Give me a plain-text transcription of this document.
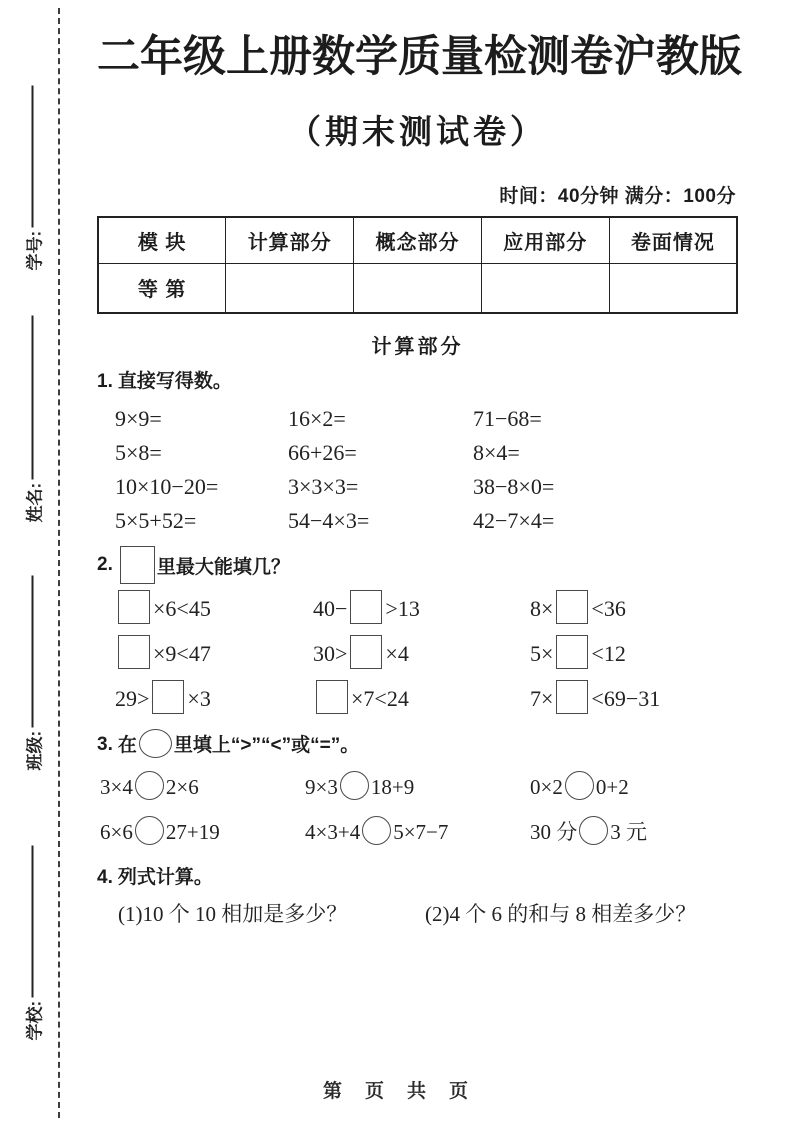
学号:
姓名:
班级:
学校:
二年级上册数学质量检测卷沪教版
（期末测试卷）
时间：40分钟 满分：100分
模 块	计算部分	概念部分	应用部分	卷面情况
等 第				
计算部分
1. 直接写得数。
9×9=	16×2=	71−68=
5×8=	66+26=	8×4=
10×10−20=	3×3×3=	38−8×0=
5×5+52=	54−4×3=	42−7×4=
2.	里最大能填几？
×6<45	40− >13	8× <36
×9<47	30> ×4	5× <12
29> ×3	×7<24	7× <69−31
3. 在 里填上“>”“<”或“=”。
3×4 2×6	9×3 18+9	0×2 0+2
6×6 27+19	4×3+4 5×7−7	30 分 3 元
4. 列式计算。
(1)10 个 10 相加是多少？	(2)4 个 6 的和与 8 相差多少？
第　页　共　页
